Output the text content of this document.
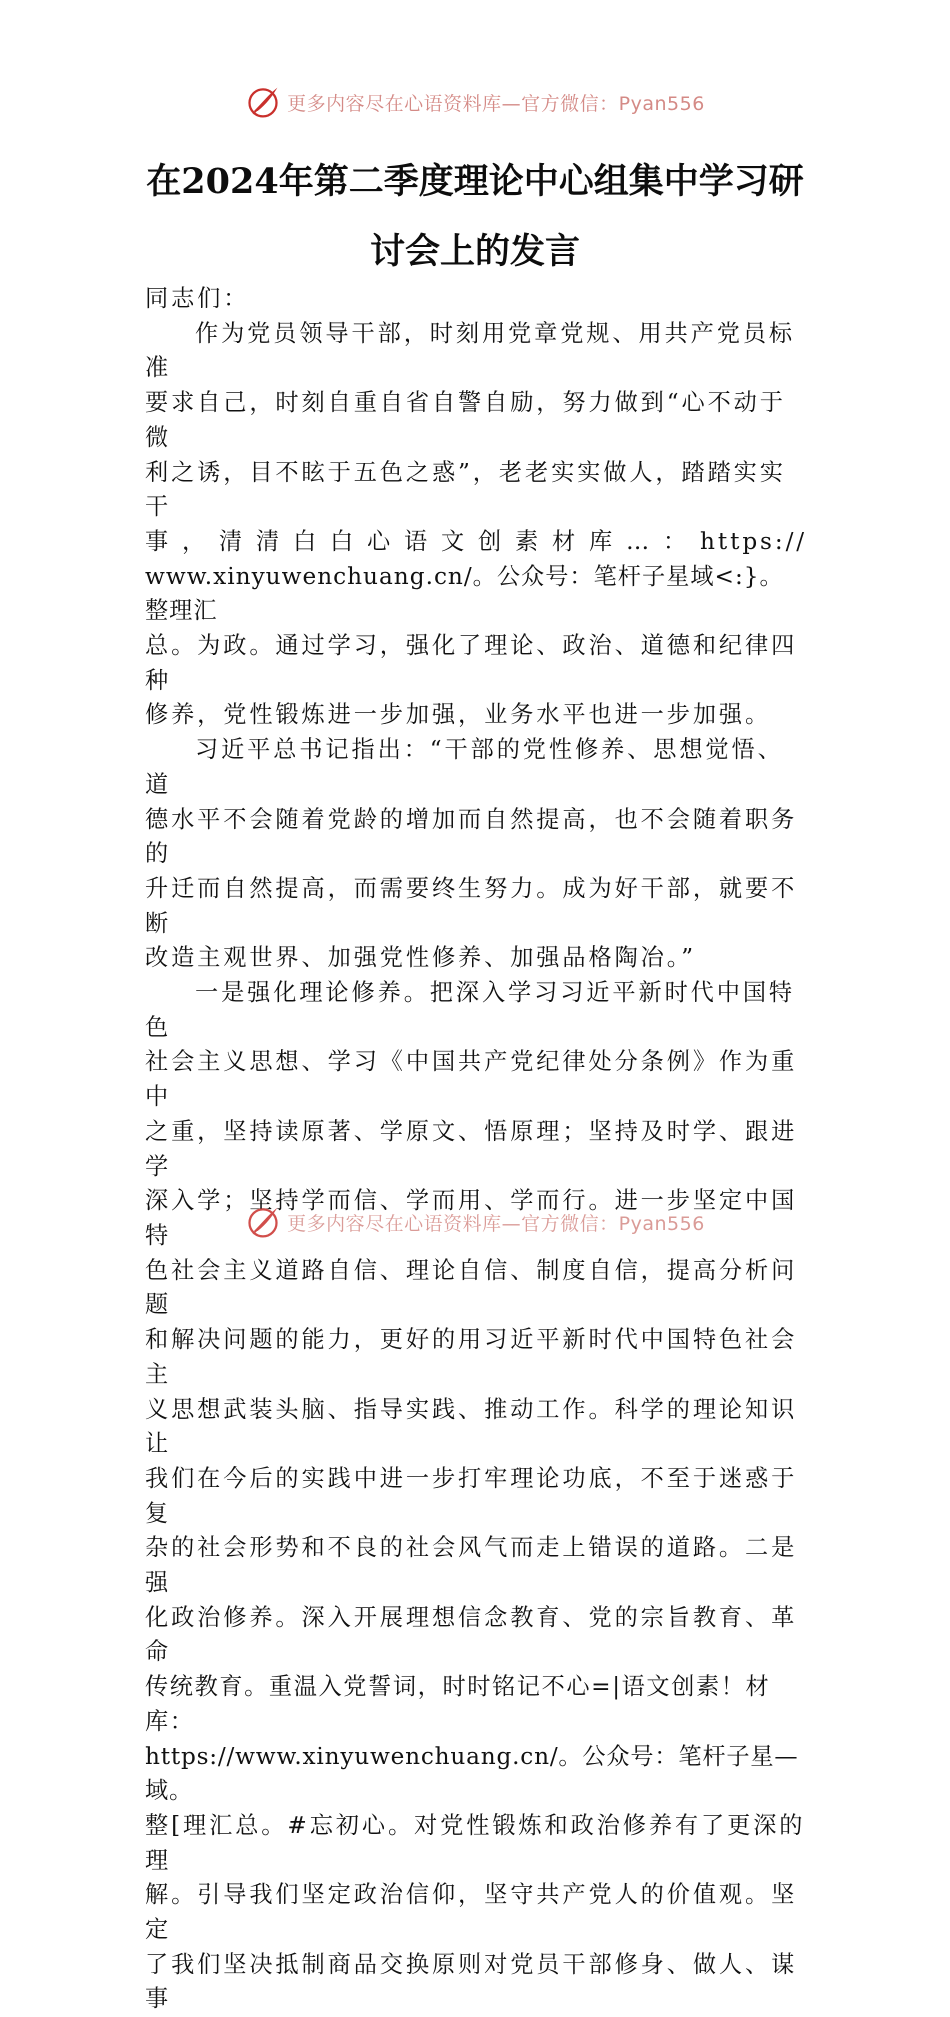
更多内容尽在心语资料库—官方微信：Pyan556
在2024年第二季度理论中心组集中学习研
讨会上的发言

同志们：

作为党员领导干部，时刻用党章党规、用共产党员标准
要求自己，时刻自重自省自警自励，努力做到“心不动于微
利之诱，目不眩于五色之惑”，老老实实做人，踏踏实实干
事，清清白白心语文创素材库…：https://
www.xinyuwenchuang.cn/。公众号：笔杆子星域<:}。整理汇
总。为政。通过学习，强化了理论、政治、道德和纪律四种
修养，党性锻炼进一步加强，业务水平也进一步加强。

习近平总书记指出：“干部的党性修养、思想觉悟、道
德水平不会随着党龄的增加而自然提高，也不会随着职务的
升迁而自然提高，而需要终生努力。成为好干部，就要不断
改造主观世界、加强党性修养、加强品格陶冶。”

一是强化理论修养。把深入学习习近平新时代中国特色
社会主义思想、学习《中国共产党纪律处分条例》作为重中
之重，坚持读原著、学原文、悟原理；坚持及时学、跟进学
深入学；坚持学而信、学而用、学而行。进一步坚定中国特
色社会主义道路自信、理论自信、制度自信，提高分析问题
和解决问题的能力，更好的用习近平新时代中国特色社会主
义思想武装头脑、指导实践、推动工作。科学的理论知识让
我们在今后的实践中进一步打牢理论功底，不至于迷惑于复
杂的社会形势和不良的社会风气而走上错误的道路。二是强
化政治修养。深入开展理想信念教育、党的宗旨教育、革命
传统教育。重温入党誓词，时时铭记不心=|语文创素！材库：
https://www.xinyuwenchuang.cn/。公众号：笔杆子星—域。
整[理汇总。#忘初心。对党性锻炼和政治修养有了更深的理
解。引导我们坚定政治信仰，坚守共产党人的价值观。坚定
了我们坚决抵制商品交换原则对党员干部修身、做人、谋事

更多内容尽在心语资料库—官方微信：Pyan556
